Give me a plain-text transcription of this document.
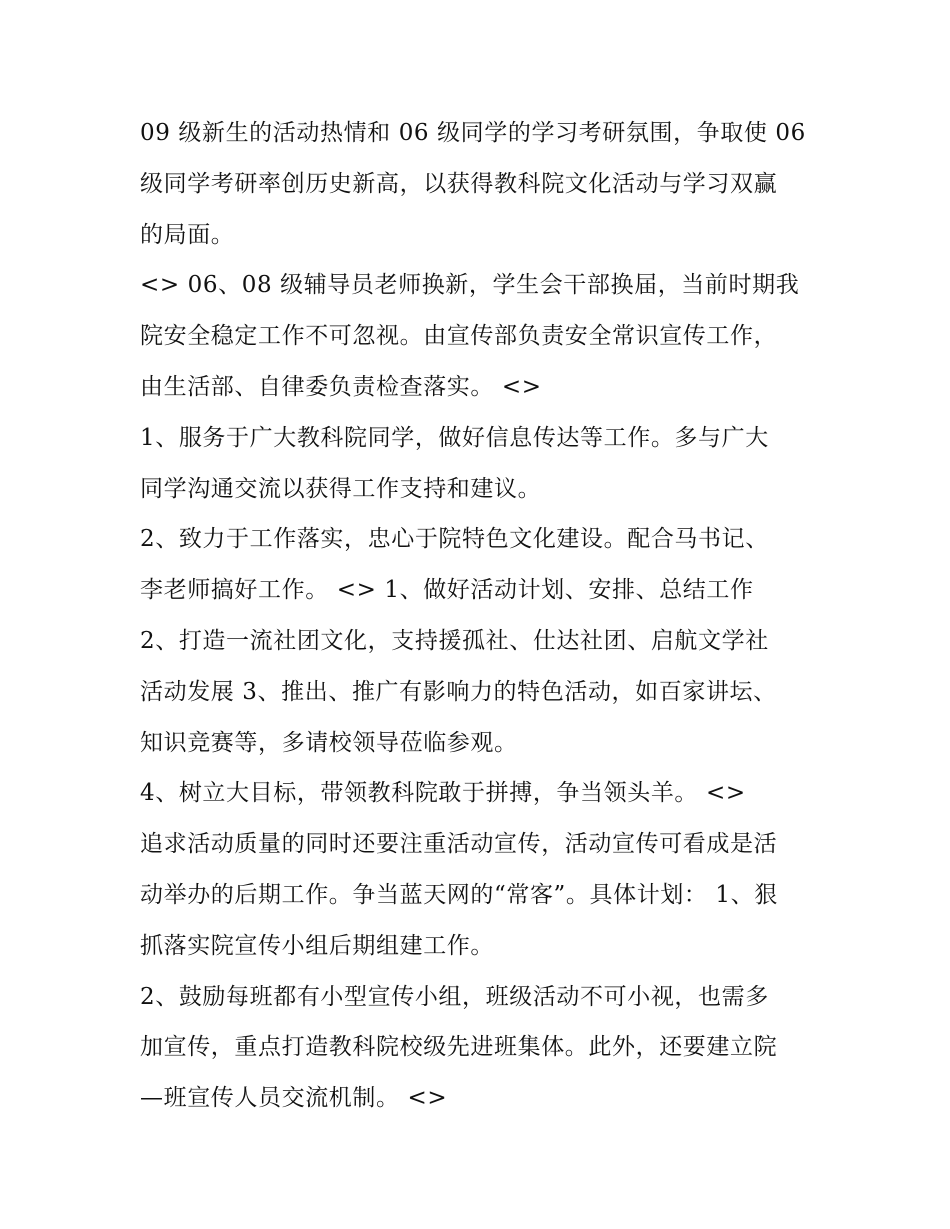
09 级新生的活动热情和 06 级同学的学习考研氛围，争取使 06
级同学考研率创历史新高，以获得教科院文化活动与学习双赢
的局面。
<> 06、08 级辅导员老师换新，学生会干部换届，当前时期我
院安全稳定工作不可忽视。由宣传部负责安全常识宣传工作，
由生活部、自律委负责检查落实。 <>
1、服务于广大教科院同学，做好信息传达等工作。多与广大
同学沟通交流以获得工作支持和建议。
2、致力于工作落实，忠心于院特色文化建设。配合马书记、
李老师搞好工作。 <> 1、做好活动计划、安排、总结工作
2、打造一流社团文化，支持援孤社、仕达社团、启航文学社
活动发展 3、推出、推广有影响力的特色活动，如百家讲坛、
知识竞赛等，多请校领导莅临参观。
4、树立大目标，带领教科院敢于拼搏，争当领头羊。 <>
追求活动质量的同时还要注重活动宣传，活动宣传可看成是活
动举办的后期工作。争当蓝天网的“常客”。具体计划： 1、狠
抓落实院宣传小组后期组建工作。
2、鼓励每班都有小型宣传小组，班级活动不可小视，也需多
加宣传，重点打造教科院校级先进班集体。此外，还要建立院
—班宣传人员交流机制。 <>
